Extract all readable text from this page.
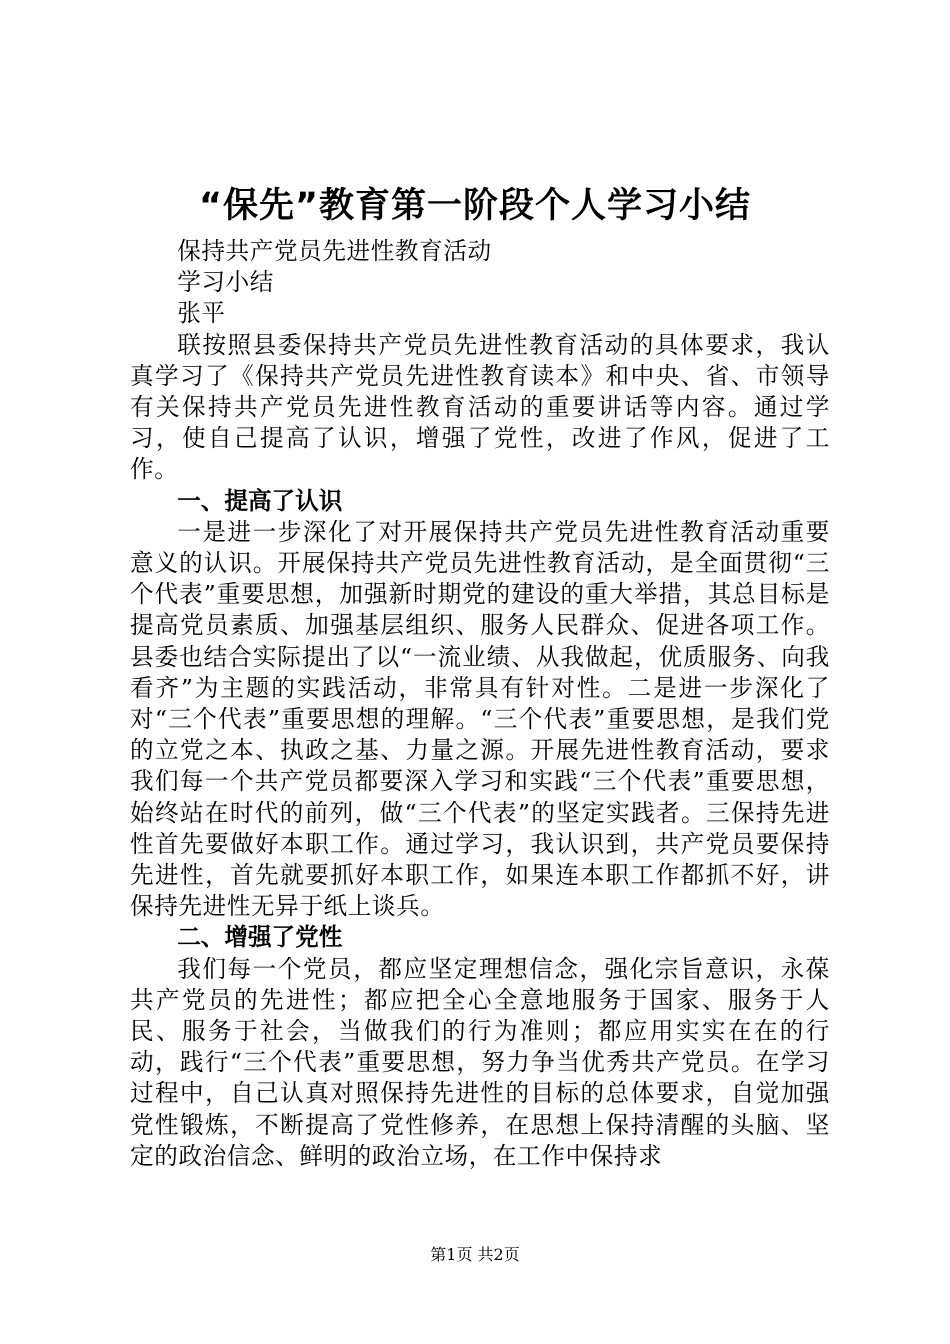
“保先”教育第一阶段个人学习小结

保持共产党员先进性教育活动

学习小结

张平

联按照县委保持共产党员先进性教育活动的具体要求，我认真学习了《保持共产党员先进性教育读本》和中央、省、市领导有关保持共产党员先进性教育活动的重要讲话等内容。通过学习，使自己提高了认识，增强了党性，改进了作风，促进了工作。

一、提高了认识

一是进一步深化了对开展保持共产党员先进性教育活动重要意义的认识。开展保持共产党员先进性教育活动，是全面贯彻“三个代表”重要思想，加强新时期党的建设的重大举措，其总目标是提高党员素质、加强基层组织、服务人民群众、促进各项工作。县委也结合实际提出了以“一流业绩、从我做起，优质服务、向我看齐”为主题的实践活动，非常具有针对性。二是进一步深化了对“三个代表”重要思想的理解。“三个代表”重要思想，是我们党的立党之本、执政之基、力量之源。开展先进性教育活动，要求我们每一个共产党员都要深入学习和实践“三个代表”重要思想，始终站在时代的前列，做“三个代表”的坚定实践者。三保持先进性首先要做好本职工作。通过学习，我认识到，共产党员要保持先进性，首先就要抓好本职工作，如果连本职工作都抓不好，讲保持先进性无异于纸上谈兵。

二、增强了党性

我们每一个党员，都应坚定理想信念，强化宗旨意识，永葆共产党员的先进性；都应把全心全意地服务于国家、服务于人民、服务于社会，当做我们的行为准则；都应用实实在在的行动，践行“三个代表”重要思想，努力争当优秀共产党员。在学习过程中，自己认真对照保持先进性的目标的总体要求，自觉加强党性锻炼，不断提高了党性修养，在思想上保持清醒的头脑、坚定的政治信念、鲜明的政治立场，在工作中保持求

第1页 共2页
